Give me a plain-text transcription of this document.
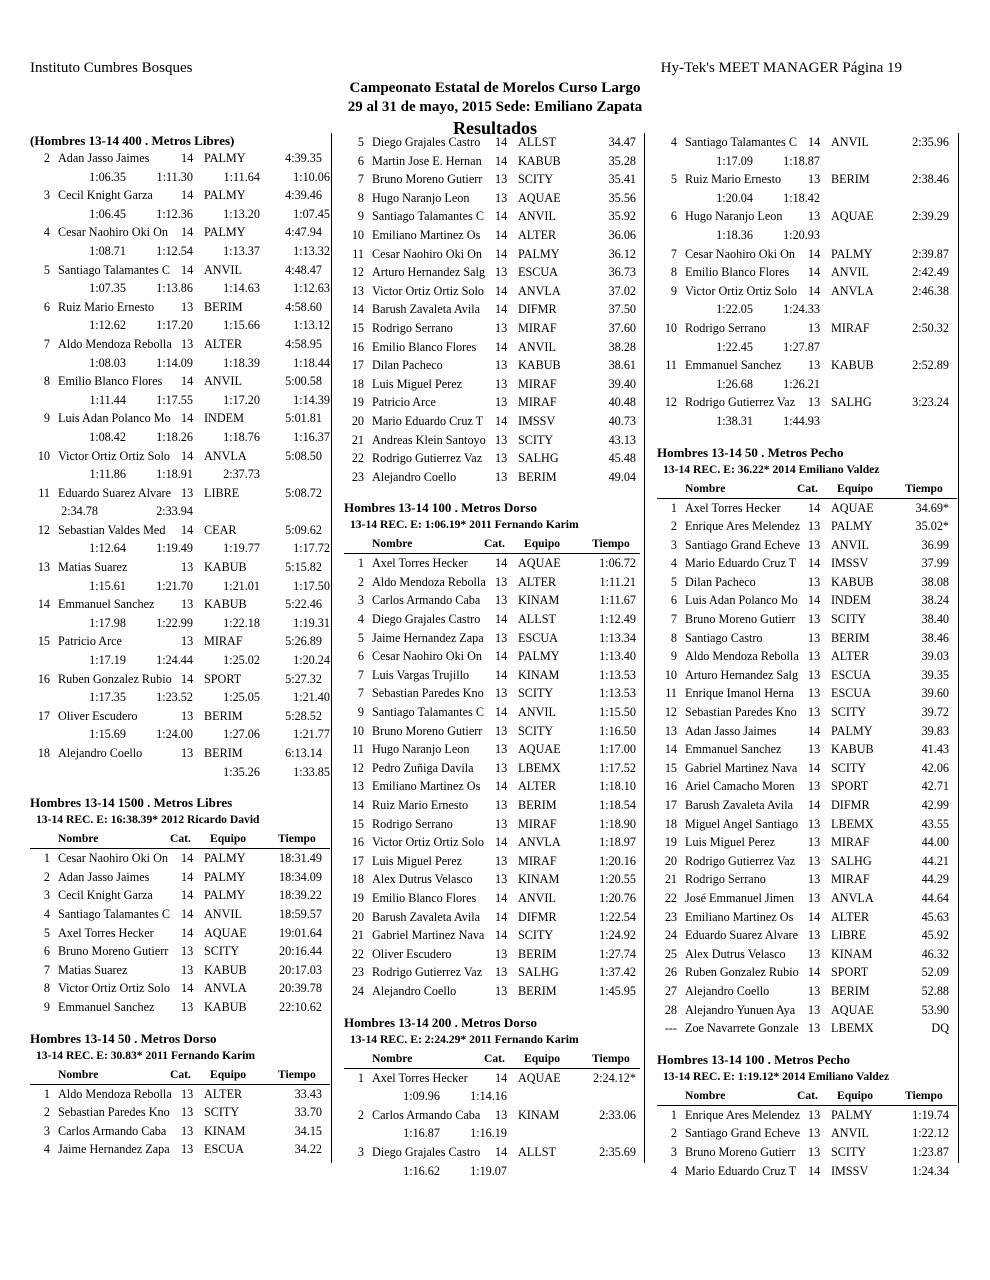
Instituto Cumbres Bosques	Hy-Tek's MEET MANAGER Página 19
Campeonato Estatal de Morelos Curso Largo
29 al 31 de mayo, 2015 Sede: Emiliano Zapata
Resultados
(Hombres 13-14 400 . Metros Libres)
2 Adan Jasso Jaimes	14 PALMY	4:39.35
1:06.35	1:11.30	1:11.64	1:10.06
3 Cecil Knight Garza	14 PALMY	4:39.46
1:06.45	1:12.36	1:13.20	1:07.45
4 Cesar Naohiro Oki On	14 PALMY	4:47.94
1:08.71	1:12.54	1:13.37	1:13.32
5 Santiago Talamantes C 14 ANVIL	4:48.47
1:07.35	1:13.86	1:14.63	1:12.63
6 Ruiz Mario Ernesto	13 BERIM	4:58.60
1:12.62	1:17.20	1:15.66	1:13.12
7 Aldo Mendoza Rebolla 13 ALTER	4:58.95
1:08.03	1:14.09	1:18.39	1:18.44
8 Emilio Blanco Flores	14 ANVIL	5:00.58
1:11.44	1:17.55	1:17.20	1:14.39
9 Luis Adan Polanco Mo 14 INDEM	5:01.81
1:08.42	1:18.26	1:18.76	1:16.37
10 Victor Ortiz Ortiz Solo 14 ANVLA	5:08.50
1:11.86	1:18.91	2:37.73
11 Eduardo Suarez Alvare 13 LIBRE	5:08.72
2:34.78	2:33.94
12 Sebastian Valdes Med	14 CEAR	5:09.62
1:12.64	1:19.49	1:19.77	1:17.72
13 Matias Suarez	13 KABUB	5:15.82
1:15.61	1:21.70	1:21.01	1:17.50
14 Emmanuel Sanchez	13 KABUB	5:22.46
1:17.98	1:22.99	1:22.18	1:19.31
15 Patricio Arce	13 MIRAF	5:26.89
1:17.19	1:24.44	1:25.02	1:20.24
16 Ruben Gonzalez Rubio 14 SPORT	5:27.32
1:17.35	1:23.52	1:25.05	1:21.40
17 Oliver Escudero	13 BERIM	5:28.52
1:15.69	1:24.00	1:27.06	1:21.77
18 Alejandro Coello	13 BERIM	6:13.14
1:35.26	1:33.85
Hombres 13-14 1500 . Metros Libres
13-14 REC. E: 16:38.39* 2012 Ricardo David
Nombre	Cat. Equipo	Tiempo
1 Cesar Naohiro Oki On	14 PALMY	18:31.49
2 Adan Jasso Jaimes	14 PALMY	18:34.09
3 Cecil Knight Garza	14 PALMY	18:39.22
4 Santiago Talamantes C 14 ANVIL	18:59.57
5 Axel Torres Hecker	14 AQUAE	19:01.64
6 Bruno Moreno Gutierr	13 SCITY	20:16.44
7 Matias Suarez	13 KABUB	20:17.03
8 Victor Ortiz Ortiz Solo 14 ANVLA	20:39.78
9 Emmanuel Sanchez	13 KABUB	22:10.62
Hombres 13-14 50 . Metros Dorso
13-14 REC. E: 30.83* 2011 Fernando Karim
Nombre	Cat. Equipo	Tiempo
1 Aldo Mendoza Rebolla 13 ALTER	33.43
2 Sebastian Paredes Kno 13 SCITY	33.70
3 Carlos Armando Caba	13 KINAM	34.15
4 Jaime Hernandez Zapa 13 ESCUA	34.22
5 Diego Grajales Castro	14 ALLST	34.47
6 Martin Jose E. Hernan	14 KABUB	35.28
7 Bruno Moreno Gutierr	13 SCITY	35.41
8 Hugo Naranjo Leon	13 AQUAE	35.56
9 Santiago Talamantes C 14 ANVIL	35.92
10 Emiliano Martinez Os	14 ALTER	36.06
11 Cesar Naohiro Oki On	14 PALMY	36.12
12 Arturo Hernandez Salg 13 ESCUA	36.73
13 Victor Ortiz Ortiz Solo 14 ANVLA	37.02
14 Barush Zavaleta Avila	14 DIFMR	37.50
15 Rodrigo Serrano	13 MIRAF	37.60
16 Emilio Blanco Flores	14 ANVIL	38.28
17 Dilan Pacheco	13 KABUB	38.61
18 Luis Miguel Perez	13 MIRAF	39.40
19 Patricio Arce	13 MIRAF	40.48
20 Mario Eduardo Cruz T 14 IMSSV	40.73
21 Andreas Klein Santoyo 13 SCITY	43.13
22 Rodrigo Gutierrez Vaz	13 SALHG	45.48
23 Alejandro Coello	13 BERIM	49.04
Hombres 13-14 100 . Metros Dorso
13-14 REC. E: 1:06.19* 2011 Fernando Karim
Nombre	Cat. Equipo	Tiempo
1 Axel Torres Hecker	14 AQUAE	1:06.72
2 Aldo Mendoza Rebolla 13 ALTER	1:11.21
3 Carlos Armando Caba	13 KINAM	1:11.67
4 Diego Grajales Castro	14 ALLST	1:12.49
5 Jaime Hernandez Zapa 13 ESCUA	1:13.34
6 Cesar Naohiro Oki On	14 PALMY	1:13.40
7 Luis Vargas Trujillo	14 KINAM	1:13.53
7 Sebastian Paredes Kno 13 SCITY	1:13.53
9 Santiago Talamantes C 14 ANVIL	1:15.50
10 Bruno Moreno Gutierr	13 SCITY	1:16.50
11 Hugo Naranjo Leon	13 AQUAE	1:17.00
12 Pedro Zuñiga Davila	13 LBEMX	1:17.52
13 Emiliano Martinez Os	14 ALTER	1:18.10
14 Ruiz Mario Ernesto	13 BERIM	1:18.54
15 Rodrigo Serrano	13 MIRAF	1:18.90
16 Victor Ortiz Ortiz Solo 14 ANVLA	1:18.97
17 Luis Miguel Perez	13 MIRAF	1:20.16
18 Alex Dutrus Velasco	13 KINAM	1:20.55
19 Emilio Blanco Flores	14 ANVIL	1:20.76
20 Barush Zavaleta Avila	14 DIFMR	1:22.54
21 Gabriel Martinez Nava 14 SCITY	1:24.92
22 Oliver Escudero	13 BERIM	1:27.74
23 Rodrigo Gutierrez Vaz	13 SALHG	1:37.42
24 Alejandro Coello	13 BERIM	1:45.95
Hombres 13-14 200 . Metros Dorso
13-14 REC. E: 2:24.29* 2011 Fernando Karim
Nombre	Cat. Equipo	Tiempo
1 Axel Torres Hecker	14 AQUAE	2:24.12*
1:09.96	1:14.16
2 Carlos Armando Caba	13 KINAM	2:33.06
1:16.87	1:16.19
3 Diego Grajales Castro	14 ALLST	2:35.69
1:16.62	1:19.07
4 Santiago Talamantes C 14 ANVIL	2:35.96
1:17.09	1:18.87
5 Ruiz Mario Ernesto	13 BERIM	2:38.46
1:20.04	1:18.42
6 Hugo Naranjo Leon	13 AQUAE	2:39.29
1:18.36	1:20.93
7 Cesar Naohiro Oki On	14 PALMY	2:39.87
8 Emilio Blanco Flores	14 ANVIL	2:42.49
9 Victor Ortiz Ortiz Solo 14 ANVLA	2:46.38
1:22.05	1:24.33
10 Rodrigo Serrano	13 MIRAF	2:50.32
1:22.45	1:27.87
11 Emmanuel Sanchez	13 KABUB	2:52.89
1:26.68	1:26.21
12 Rodrigo Gutierrez Vaz	13 SALHG	3:23.24
1:38.31	1:44.93
Hombres 13-14 50 . Metros Pecho
13-14 REC. E: 36.22* 2014 Emiliano Valdez
Nombre	Cat. Equipo	Tiempo
1 Axel Torres Hecker	14 AQUAE	34.69*
2 Enrique Ares Melendez 13 PALMY	35.02*
3 Santiago Grand Echeve 13 ANVIL	36.99
4 Mario Eduardo Cruz T 14 IMSSV	37.99
5 Dilan Pacheco	13 KABUB	38.08
6 Luis Adan Polanco Mo 14 INDEM	38.24
7 Bruno Moreno Gutierr	13 SCITY	38.40
8 Santiago Castro	13 BERIM	38.46
9 Aldo Mendoza Rebolla 13 ALTER	39.03
10 Arturo Hernandez Salg 13 ESCUA	39.35
11 Enrique Imanol Herna	13 ESCUA	39.60
12 Sebastian Paredes Kno 13 SCITY	39.72
13 Adan Jasso Jaimes	14 PALMY	39.83
14 Emmanuel Sanchez	13 KABUB	41.43
15 Gabriel Martinez Nava 14 SCITY	42.06
16 Ariel Camacho Moren	13 SPORT	42.71
17 Barush Zavaleta Avila	14 DIFMR	42.99
18 Miguel Angel Santiago 13 LBEMX	43.55
19 Luis Miguel Perez	13 MIRAF	44.00
20 Rodrigo Gutierrez Vaz	13 SALHG	44.21
21 Rodrigo Serrano	13 MIRAF	44.29
22 José Emmanuel Jimen	13 ANVLA	44.64
23 Emiliano Martinez Os	14 ALTER	45.63
24 Eduardo Suarez Alvare 13 LIBRE	45.92
25 Alex Dutrus Velasco	13 KINAM	46.32
26 Ruben Gonzalez Rubio 14 SPORT	52.09
27 Alejandro Coello	13 BERIM	52.88
28 Alejandro Yunuen Aya	13 AQUAE	53.90
--- Zoe Navarrete Gonzale 13 LBEMX	DQ
Hombres 13-14 100 . Metros Pecho
13-14 REC. E: 1:19.12* 2014 Emiliano Valdez
Nombre	Cat. Equipo	Tiempo
1 Enrique Ares Melendez 13 PALMY	1:19.74
2 Santiago Grand Echeve 13 ANVIL	1:22.12
3 Bruno Moreno Gutierr	13 SCITY	1:23.87
4 Mario Eduardo Cruz T 14 IMSSV	1:24.34
